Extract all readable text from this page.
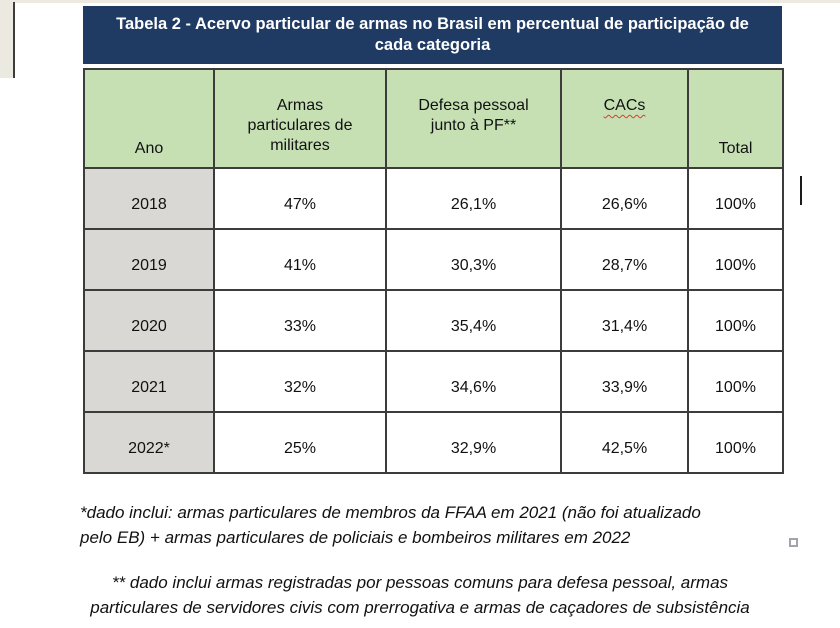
Tabela 2 - Acervo particular de armas no Brasil em percentual de participação de
cada categoria
Ano	Armas particulares de militares	Defesa pessoal junto à PF**	CACs	Total
2018	47%	26,1%	26,6%	100%
2019	41%	30,3%	28,7%	100%
2020	33%	35,4%	31,4%	100%
2021	32%	34,6%	33,9%	100%
2022*	25%	32,9%	42,5%	100%
*dado inclui: armas particulares de membros da FFAA em 2021 (não foi atualizado
pelo EB) + armas particulares de policiais e bombeiros militares em 2022
** dado inclui armas registradas por pessoas comuns para defesa pessoal, armas
particulares de servidores civis com prerrogativa e armas de caçadores de subsistência
